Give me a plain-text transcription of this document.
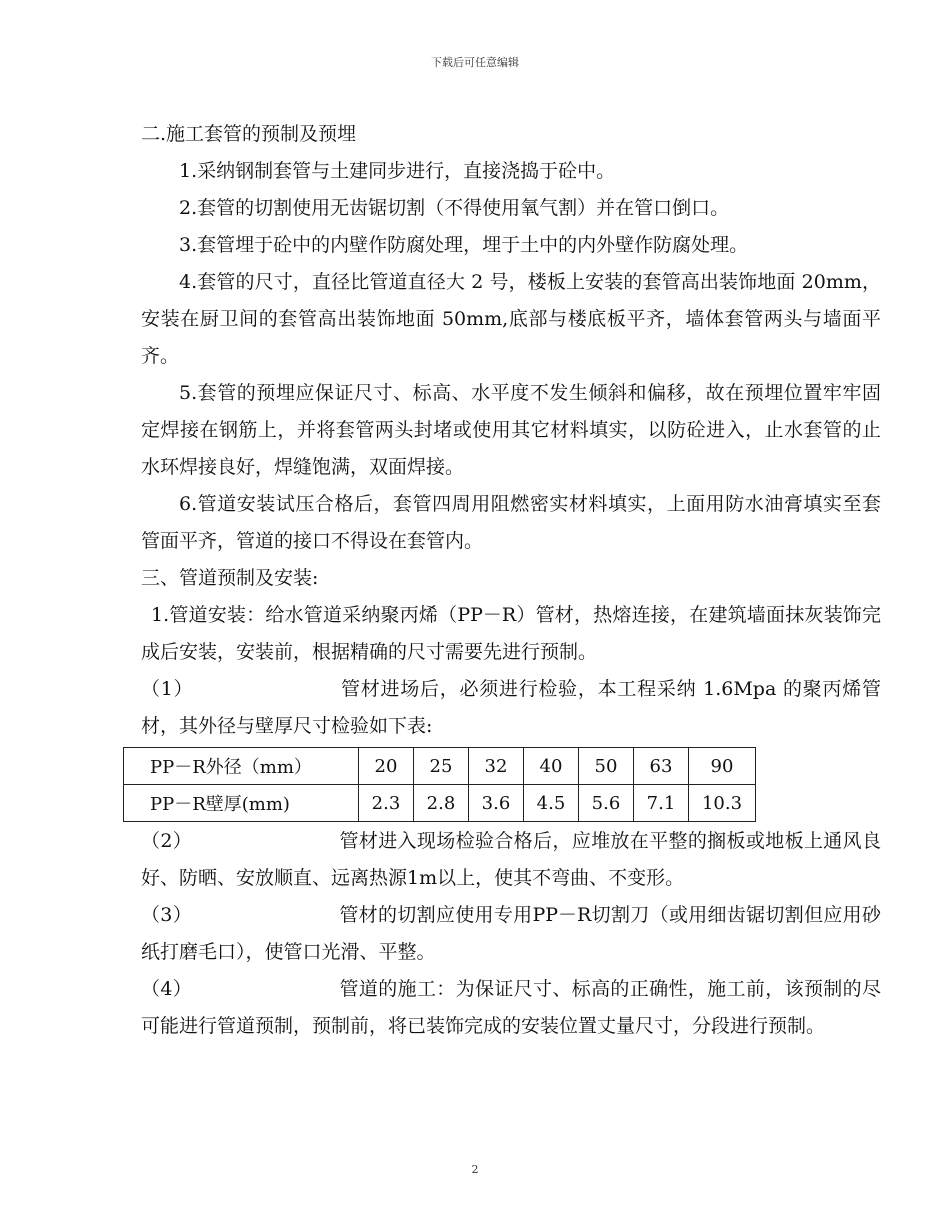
下载后可任意编辑

二.施工套管的预制及预埋

1.采纳钢制套管与土建同步进行，直接浇捣于砼中。

2.套管的切割使用无齿锯切割（不得使用氧气割）并在管口倒口。

3.套管埋于砼中的内壁作防腐处理，埋于土中的内外壁作防腐处理。

4.套管的尺寸，直径比管道直径大 2 号，楼板上安装的套管高出装饰地面 20mm，安装在厨卫间的套管高出装饰地面 50mm,底部与楼底板平齐，墙体套管两头与墙面平齐。

5.套管的预埋应保证尺寸、标高、水平度不发生倾斜和偏移，故在预埋位置牢牢固定焊接在钢筋上，并将套管两头封堵或使用其它材料填实，以防砼进入，止水套管的止水环焊接良好，焊缝饱满，双面焊接。

6.管道安装试压合格后，套管四周用阻燃密实材料填实，上面用防水油膏填实至套管面平齐，管道的接口不得设在套管内。

三、管道预制及安装:

1.管道安装：给水管道采纳聚丙烯（PP－R）管材，热熔连接，在建筑墙面抹灰装饰完成后安装，安装前，根据精确的尺寸需要先进行预制。

（1）	管材进场后，必须进行检验，本工程采纳 1.6Mpa 的聚丙烯管材，其外径与壁厚尺寸检验如下表:

PP－R外径（mm）	20	25	32	40	50	63	90
PP－R壁厚(mm)	2.3	2.8	3.6	4.5	5.6	7.1	10.3

（2）	管材进入现场检验合格后，应堆放在平整的搁板或地板上通风良好、防晒、安放顺直、远离热源1m以上，使其不弯曲、不变形。

（3）	管材的切割应使用专用PP－R切割刀（或用细齿锯切割但应用砂纸打磨毛口），使管口光滑、平整。

（4）	管道的施工：为保证尺寸、标高的正确性，施工前，该预制的尽可能进行管道预制，预制前，将已装饰完成的安装位置丈量尺寸，分段进行预制。

2
